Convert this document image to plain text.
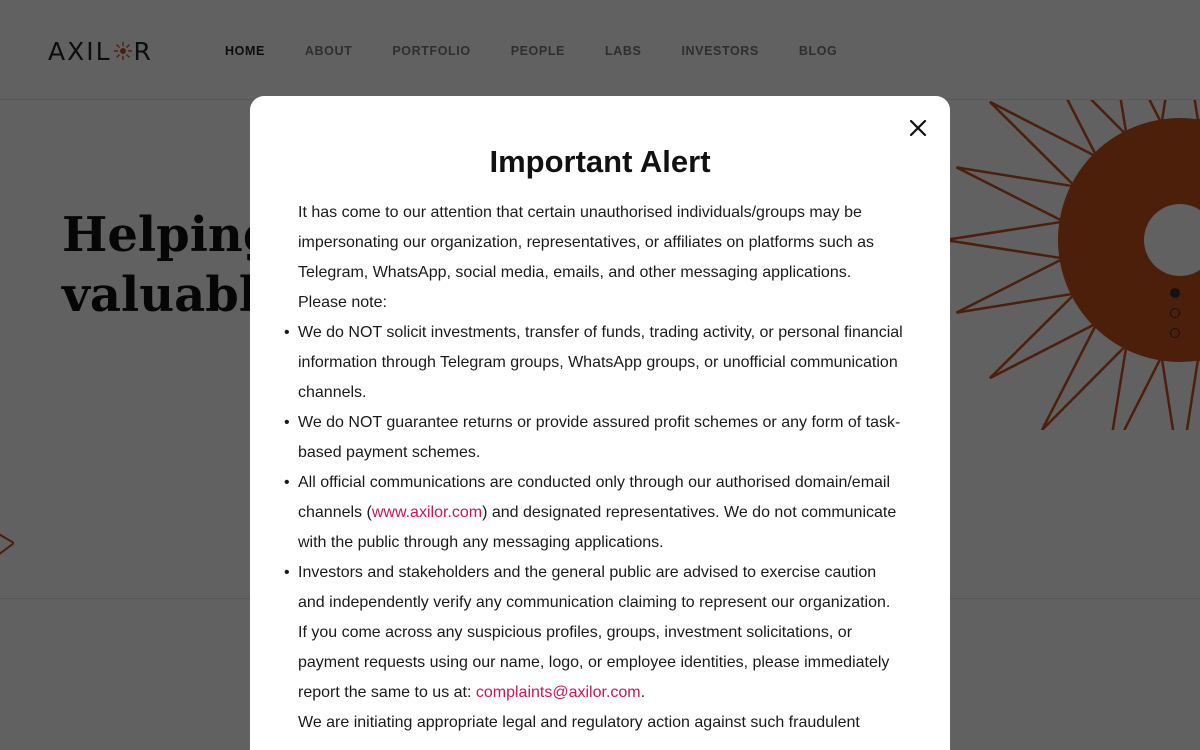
Important Alert

It has come to our attention that certain unauthorised individuals/groups may be impersonating our organization, representatives, or affiliates on platforms such as Telegram, WhatsApp, social media, emails, and other messaging applications.

Please note:

• We do NOT solicit investments, transfer of funds, trading activity, or personal financial information through Telegram groups, WhatsApp groups, or unofficial communication channels.
• We do NOT guarantee returns or provide assured profit schemes or any form of task-based payment schemes.
• All official communications are conducted only through our authorised domain/email channels (www.axilor.com) and designated representatives. We do not communicate with the public through any messaging applications.
• Investors and stakeholders and the general public are advised to exercise caution and independently verify any communication claiming to represent our organization.

If you come across any suspicious profiles, groups, investment solicitations, or payment requests using our name, logo, or employee identities, please immediately report the same to us at: complaints@axilor.com.

We are initiating appropriate legal and regulatory action against such fraudulent
